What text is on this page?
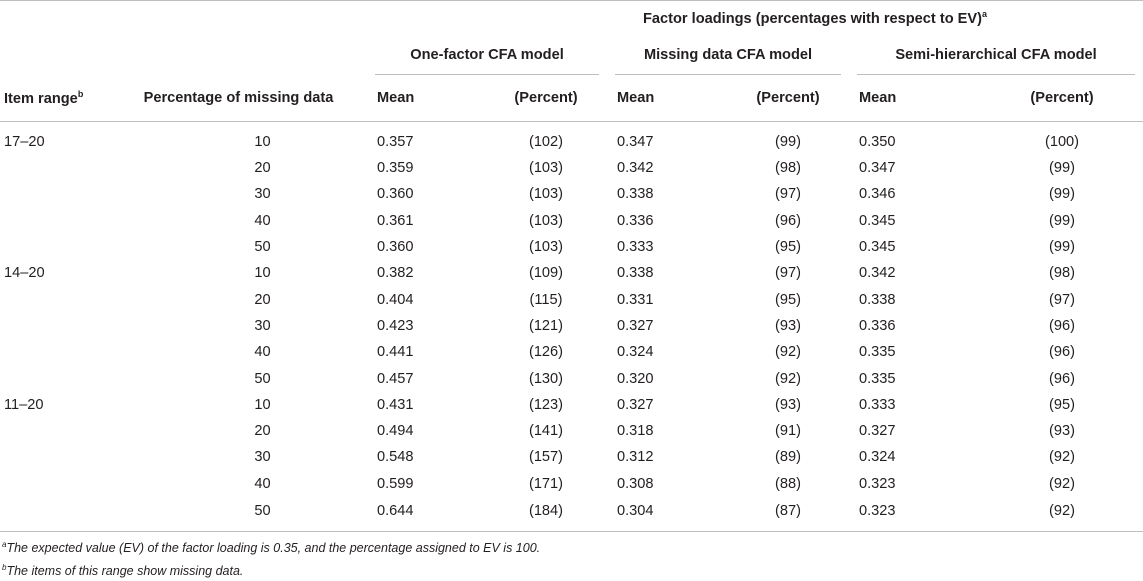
		Factor loadings (percentages with respect to EV)$^a$
		One-factor CFA model		Missing data CFA model		Semi-hierarchical CFA model	

Item range$^b$	Percentage of missing data	Mean	(Percent)	Mean	(Percent)	Mean	(Percent)
17–20	10	0.357	(102)	0.347	(99)	0.350	(100)
	20	0.359	(103)	0.342	(98)	0.347	(99)
	30	0.360	(103)	0.338	(97)	0.346	(99)
	40	0.361	(103)	0.336	(96)	0.345	(99)
	50	0.360	(103)	0.333	(95)	0.345	(99)
14–20	10	0.382	(109)	0.338	(97)	0.342	(98)
	20	0.404	(115)	0.331	(95)	0.338	(97)
	30	0.423	(121)	0.327	(93)	0.336	(96)
	40	0.441	(126)	0.324	(92)	0.335	(96)
	50	0.457	(130)	0.320	(92)	0.335	(96)
11–20	10	0.431	(123)	0.327	(93)	0.333	(95)
	20	0.494	(141)	0.318	(91)	0.327	(93)
	30	0.548	(157)	0.312	(89)	0.324	(92)
	40	0.599	(171)	0.308	(88)	0.323	(92)
	50	0.644	(184)	0.304	(87)	0.323	(92)
$^a$The expected value (EV) of the factor loading is 0.35, and the percentage assigned to EV is 100.
$^b$The items of this range show missing data.
